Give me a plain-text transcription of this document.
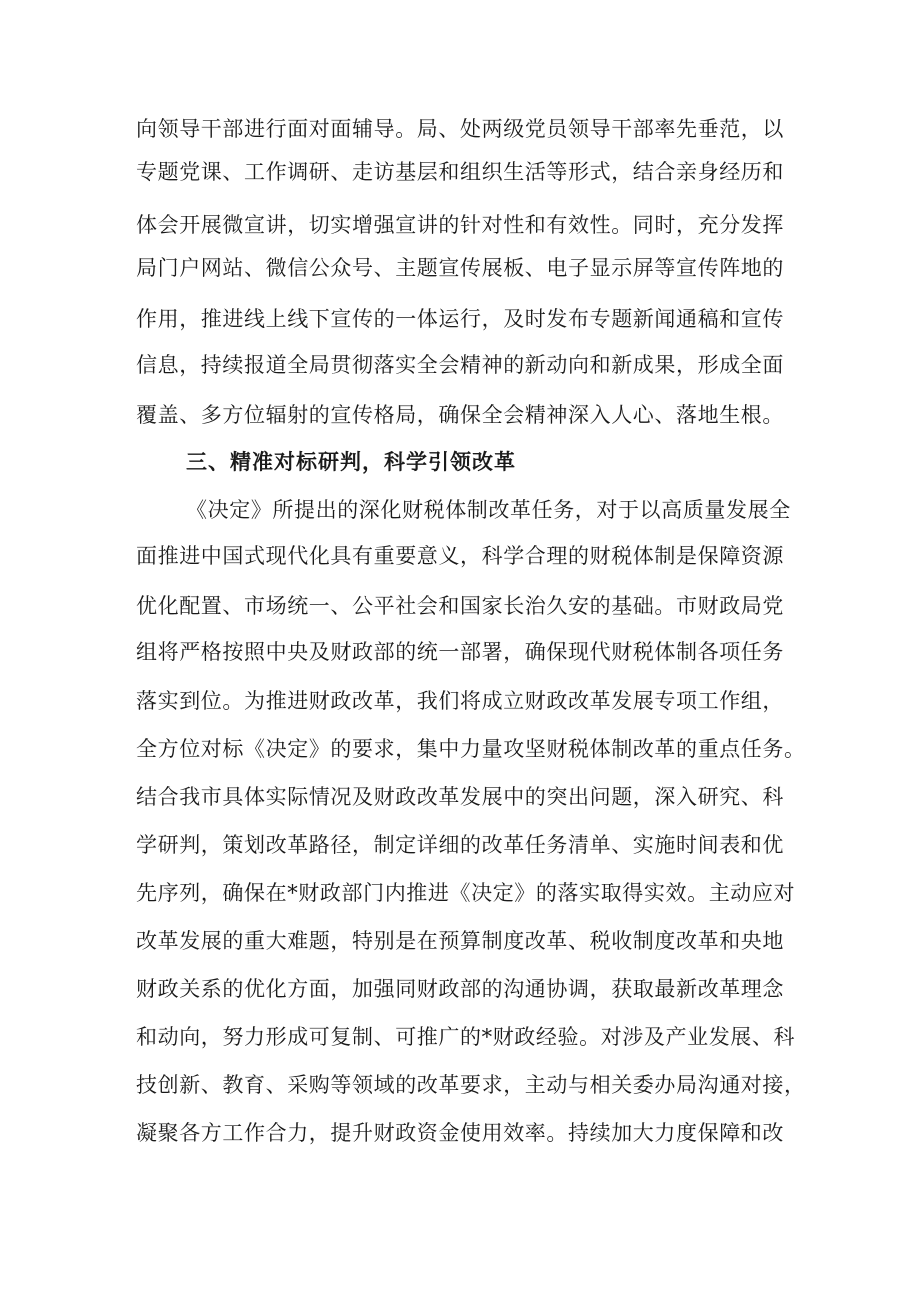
向领导干部进行面对面辅导。局、处两级党员领导干部率先垂范，以
专题党课、工作调研、走访基层和组织生活等形式，结合亲身经历和
体会开展微宣讲，切实增强宣讲的针对性和有效性。同时，充分发挥
局门户网站、微信公众号、主题宣传展板、电子显示屏等宣传阵地的
作用，推进线上线下宣传的一体运行，及时发布专题新闻通稿和宣传
信息，持续报道全局贯彻落实全会精神的新动向和新成果，形成全面
覆盖、多方位辐射的宣传格局，确保全会精神深入人心、落地生根。
三、精准对标研判，科学引领改革
《决定》所提出的深化财税体制改革任务，对于以高质量发展全
面推进中国式现代化具有重要意义，科学合理的财税体制是保障资源
优化配置、市场统一、公平社会和国家长治久安的基础。市财政局党
组将严格按照中央及财政部的统一部署，确保现代财税体制各项任务
落实到位。为推进财政改革，我们将成立财政改革发展专项工作组，
全方位对标《决定》的要求，集中力量攻坚财税体制改革的重点任务。
结合我市具体实际情况及财政改革发展中的突出问题，深入研究、科
学研判，策划改革路径，制定详细的改革任务清单、实施时间表和优
先序列，确保在*财政部门内推进《决定》的落实取得实效。主动应对
改革发展的重大难题，特别是在预算制度改革、税收制度改革和央地
财政关系的优化方面，加强同财政部的沟通协调，获取最新改革理念
和动向，努力形成可复制、可推广的*财政经验。对涉及产业发展、科
技创新、教育、采购等领域的改革要求，主动与相关委办局沟通对接，
凝聚各方工作合力，提升财政资金使用效率。持续加大力度保障和改
